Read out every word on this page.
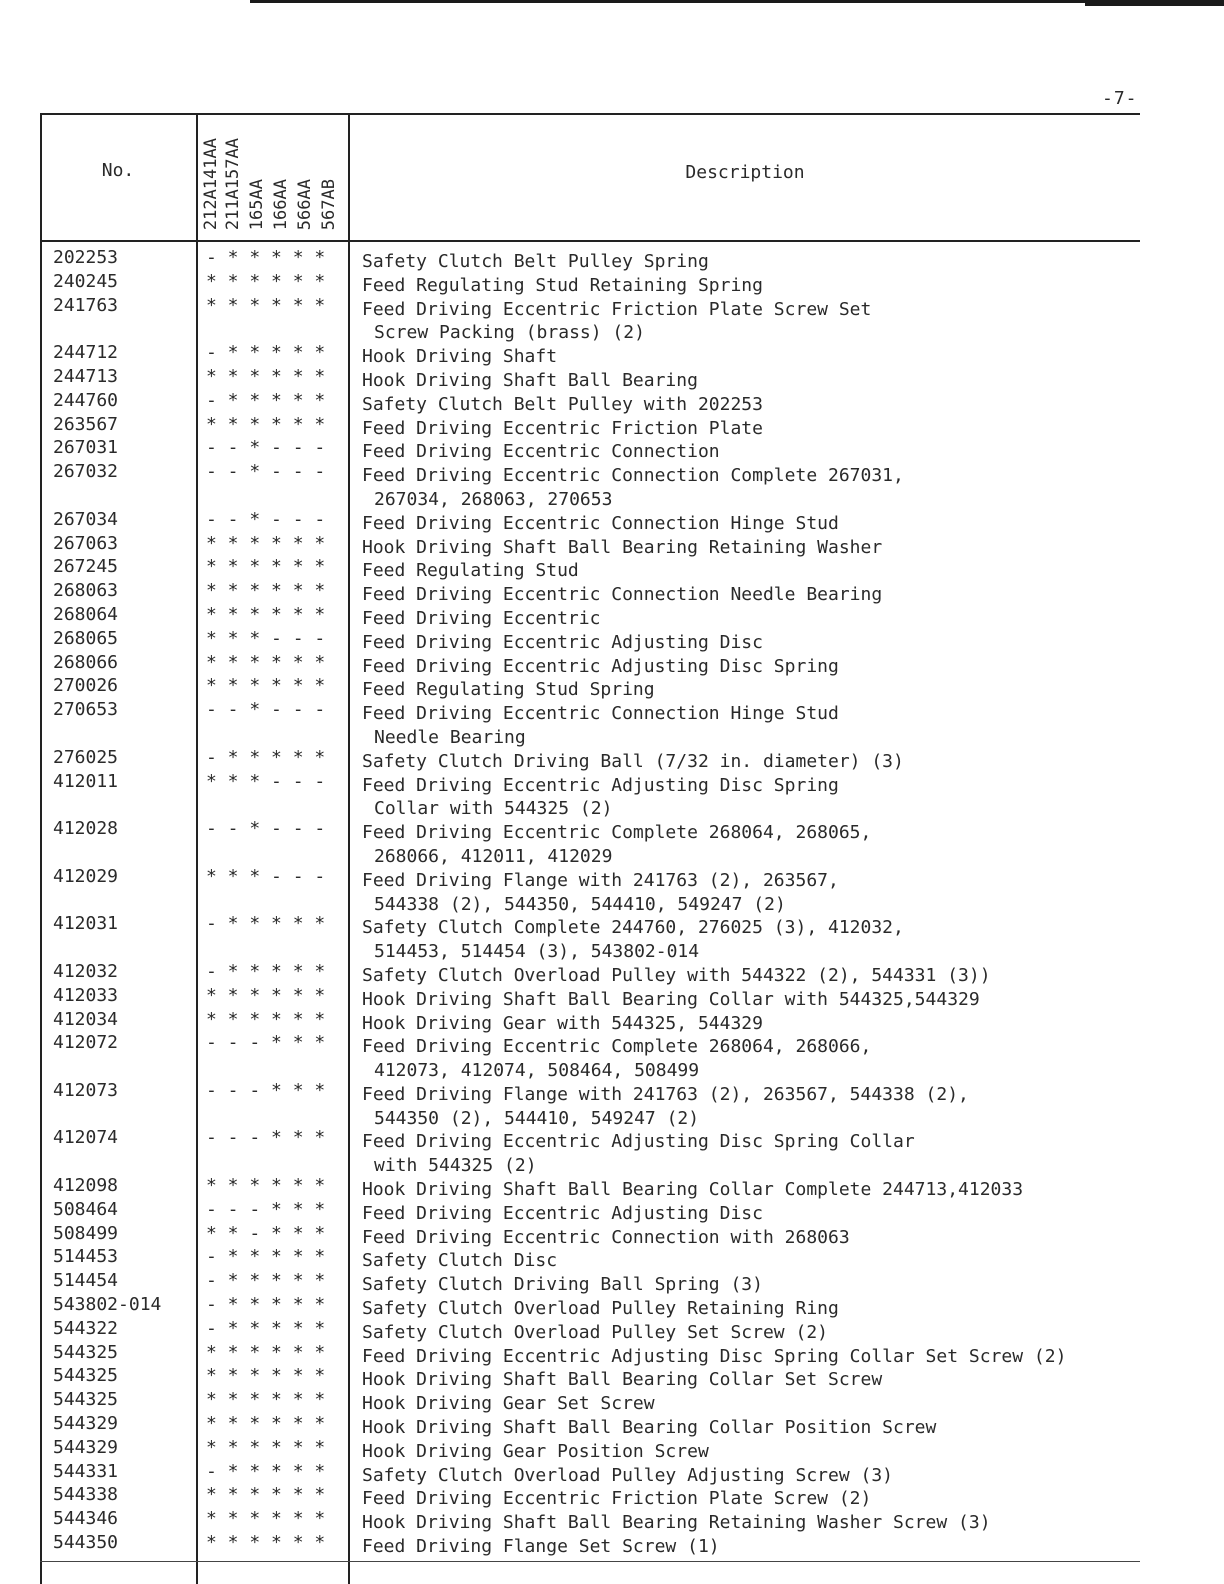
-7-
No.	Description
212A141AA 211A157AA 165AA 166AA 566AA 567AB
202253	- * * * * * Safety Clutch Belt Pulley Spring
240245	* * * * * * Feed Regulating Stud Retaining Spring
241763	* * * * * * Feed Driving Eccentric Friction Plate Screw Set
Screw Packing (brass) (2)
244712	- * * * * * Hook Driving Shaft
244713	* * * * * * Hook Driving Shaft Ball Bearing
244760	- * * * * * Safety Clutch Belt Pulley with 202253
263567	* * * * * * Feed Driving Eccentric Friction Plate
267031	- - * - - - Feed Driving Eccentric Connection
267032	- - * - - - Feed Driving Eccentric Connection Complete 267031,
267034, 268063, 270653
267034	- - * - - - Feed Driving Eccentric Connection Hinge Stud
267063	* * * * * * Hook Driving Shaft Ball Bearing Retaining Washer
267245	* * * * * * Feed Regulating Stud
268063	* * * * * * Feed Driving Eccentric Connection Needle Bearing
268064	* * * * * * Feed Driving Eccentric
268065	* * * - - - Feed Driving Eccentric Adjusting Disc
268066	* * * * * * Feed Driving Eccentric Adjusting Disc Spring
270026	* * * * * * Feed Regulating Stud Spring
270653	- - * - - - Feed Driving Eccentric Connection Hinge Stud
Needle Bearing
276025	- * * * * * Safety Clutch Driving Ball (7/32 in. diameter) (3)
412011	* * * - - - Feed Driving Eccentric Adjusting Disc Spring
Collar with 544325 (2)
412028	- - * - - - Feed Driving Eccentric Complete 268064, 268065,
268066, 412011, 412029
412029	* * * - - - Feed Driving Flange with 241763 (2), 263567,
544338 (2), 544350, 544410, 549247 (2)
412031	- * * * * * Safety Clutch Complete 244760, 276025 (3), 412032,
514453, 514454 (3), 543802-014
412032	- * * * * * Safety Clutch Overload Pulley with 544322 (2), 544331 (3))
412033	* * * * * * Hook Driving Shaft Ball Bearing Collar with 544325,544329
412034	* * * * * * Hook Driving Gear with 544325, 544329
412072	- - - * * * Feed Driving Eccentric Complete 268064, 268066,
412073, 412074, 508464, 508499
412073	- - - * * * Feed Driving Flange with 241763 (2), 263567, 544338 (2),
544350 (2), 544410, 549247 (2)
412074	- - - * * * Feed Driving Eccentric Adjusting Disc Spring Collar
with 544325 (2)
412098	* * * * * * Hook Driving Shaft Ball Bearing Collar Complete 244713,412033
508464	- - - * * * Feed Driving Eccentric Adjusting Disc
508499	* * - * * * Feed Driving Eccentric Connection with 268063
514453	- * * * * * Safety Clutch Disc
514454	- * * * * * Safety Clutch Driving Ball Spring (3)
543802-014 - * * * * * Safety Clutch Overload Pulley Retaining Ring
544322	- * * * * * Safety Clutch Overload Pulley Set Screw (2)
544325	* * * * * * Feed Driving Eccentric Adjusting Disc Spring Collar Set Screw (2)
544325	* * * * * * Hook Driving Shaft Ball Bearing Collar Set Screw
544325	* * * * * * Hook Driving Gear Set Screw
544329	* * * * * * Hook Driving Shaft Ball Bearing Collar Position Screw
544329	* * * * * * Hook Driving Gear Position Screw
544331	- * * * * * Safety Clutch Overload Pulley Adjusting Screw (3)
544338	* * * * * * Feed Driving Eccentric Friction Plate Screw (2)
544346	* * * * * * Hook Driving Shaft Ball Bearing Retaining Washer Screw (3)
544350	* * * * * * Feed Driving Flange Set Screw (1)
